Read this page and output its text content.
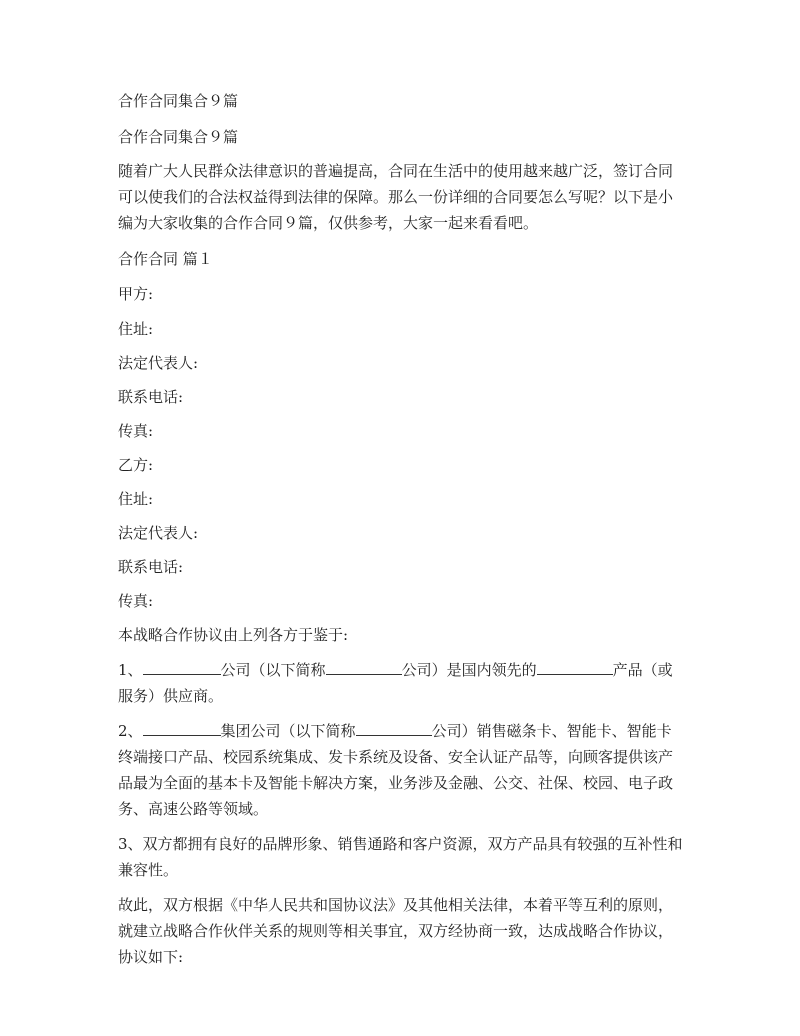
合作合同集合９篇

合作合同集合９篇

随着广大人民群众法律意识的普遍提高，合同在生活中的使用越来越广泛，签订合同可以使我们的合法权益得到法律的保障。那么一份详细的合同要怎么写呢？以下是小编为大家收集的合作合同９篇，仅供参考，大家一起来看看吧。

合作合同 篇１

甲方:

住址:

法定代表人:

联系电话:

传真:

乙方:

住址:

法定代表人:

联系电话:

传真:

本战略合作协议由上列各方于鉴于:

1、	公司（以下简称	公司）是国内领先的	产品（或服务）供应商。

2、	集团公司（以下简称	公司）销售磁条卡、智能卡、智能卡终端接口产品、校园系统集成、发卡系统及设备、安全认证产品等，向顾客提供该产品最为全面的基本卡及智能卡解决方案，业务涉及金融、公交、社保、校园、电子政务、高速公路等领域。

3、双方都拥有良好的品牌形象、销售通路和客户资源，双方产品具有较强的互补性和兼容性。

故此，双方根据《中华人民共和国协议法》及其他相关法律，本着平等互利的原则，就建立战略合作伙伴关系的规则等相关事宜，双方经协商一致，达成战略合作协议，协议如下:
